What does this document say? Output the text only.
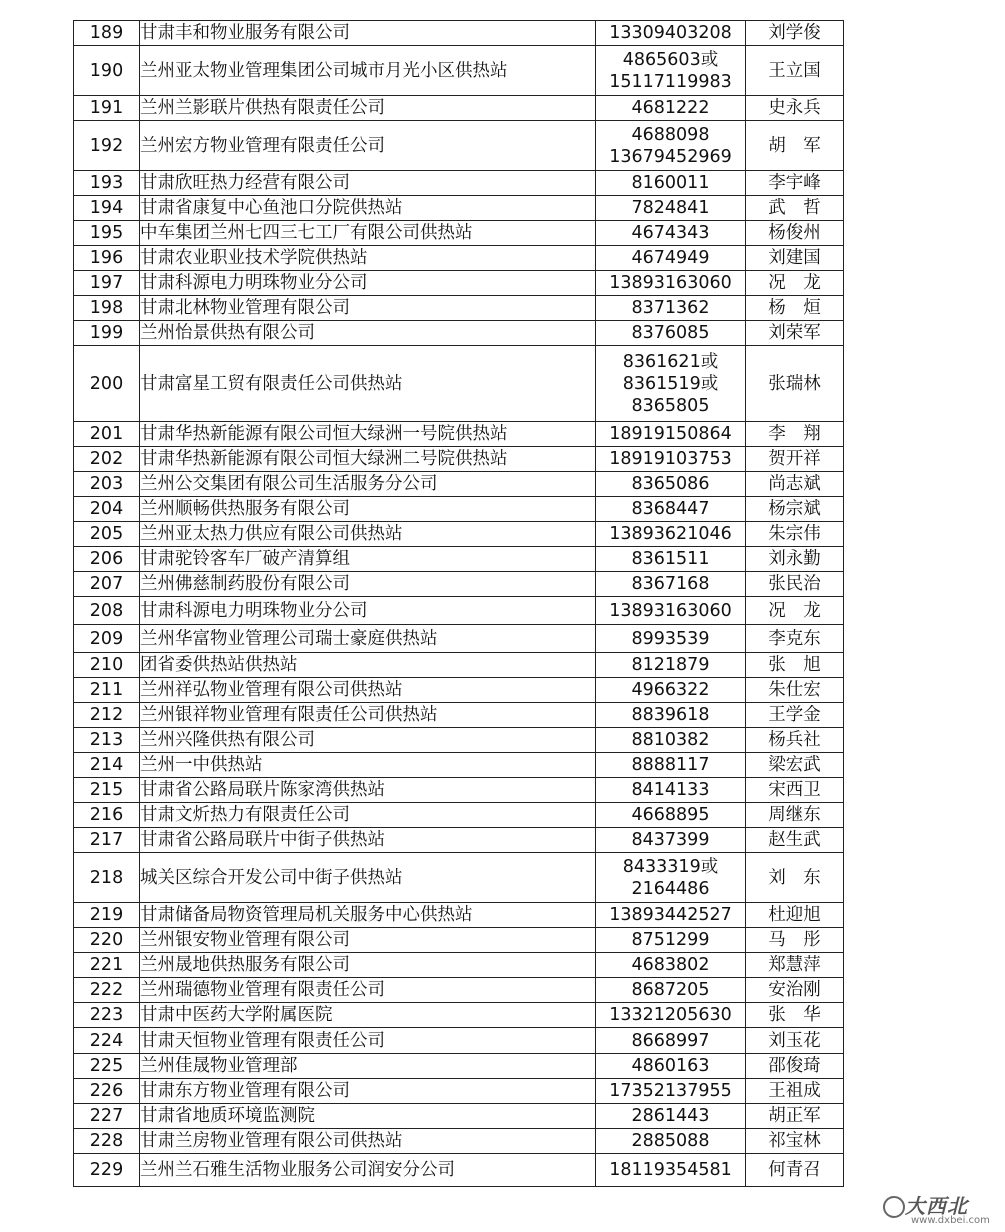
189	甘肃丰和物业服务有限公司	13309403208	刘学俊
190	兰州亚太物业管理集团公司城市月光小区供热站	4865603或
15117119983	王立国
191	兰州兰影联片供热有限责任公司	4681222	史永兵
192	兰州宏方物业管理有限责任公司	4688098
13679452969	胡　军
193	甘肃欣旺热力经营有限公司	8160011	李宇峰
194	甘肃省康复中心鱼池口分院供热站	7824841	武　哲
195	中车集团兰州七四三七工厂有限公司供热站	4674343	杨俊州
196	甘肃农业职业技术学院供热站	4674949	刘建国
197	甘肃科源电力明珠物业分公司	13893163060	况　龙
198	甘肃北林物业管理有限公司	8371362	杨　烜
199	兰州怡景供热有限公司	8376085	刘荣军
200	甘肃富星工贸有限责任公司供热站	8361621或
8361519或
8365805	张瑞林
201	甘肃华热新能源有限公司恒大绿洲一号院供热站	18919150864	李　翔
202	甘肃华热新能源有限公司恒大绿洲二号院供热站	18919103753	贺开祥
203	兰州公交集团有限公司生活服务分公司	8365086	尚志斌
204	兰州顺畅供热服务有限公司	8368447	杨宗斌
205	兰州亚太热力供应有限公司供热站	13893621046	朱宗伟
206	甘肃驼铃客车厂破产清算组	8361511	刘永勤
207	兰州佛慈制药股份有限公司	8367168	张民治
208	甘肃科源电力明珠物业分公司	13893163060	况　龙
209	兰州华富物业管理公司瑞士豪庭供热站	8993539	李克东
210	团省委供热站供热站	8121879	张　旭
211	兰州祥弘物业管理有限公司供热站	4966322	朱仕宏
212	兰州银祥物业管理有限责任公司供热站	8839618	王学金
213	兰州兴隆供热有限公司	8810382	杨兵社
214	兰州一中供热站	8888117	梁宏武
215	甘肃省公路局联片陈家湾供热站	8414133	宋西卫
216	甘肃文炘热力有限责任公司	4668895	周继东
217	甘肃省公路局联片中街子供热站	8437399	赵生武
218	城关区综合开发公司中街子供热站	8433319或
2164486	刘　东
219	甘肃储备局物资管理局机关服务中心供热站	13893442527	杜迎旭
220	兰州银安物业管理有限公司	8751299	马　彤
221	兰州晟地供热服务有限公司	4683802	郑慧萍
222	兰州瑞德物业管理有限责任公司	8687205	安治刚
223	甘肃中医药大学附属医院	13321205630	张　华
224	甘肃天恒物业管理有限责任公司	8668997	刘玉花
225	兰州佳晟物业管理部	4860163	邵俊琦
226	甘肃东方物业管理有限公司	17352137955	王祖成
227	甘肃省地质环境监测院	2861443	胡正军
228	甘肃兰房物业管理有限公司供热站	2885088	祁宝林
229	兰州兰石雅生活物业服务公司润安分公司	18119354581	何青召
大西北
www.dxbei.com
